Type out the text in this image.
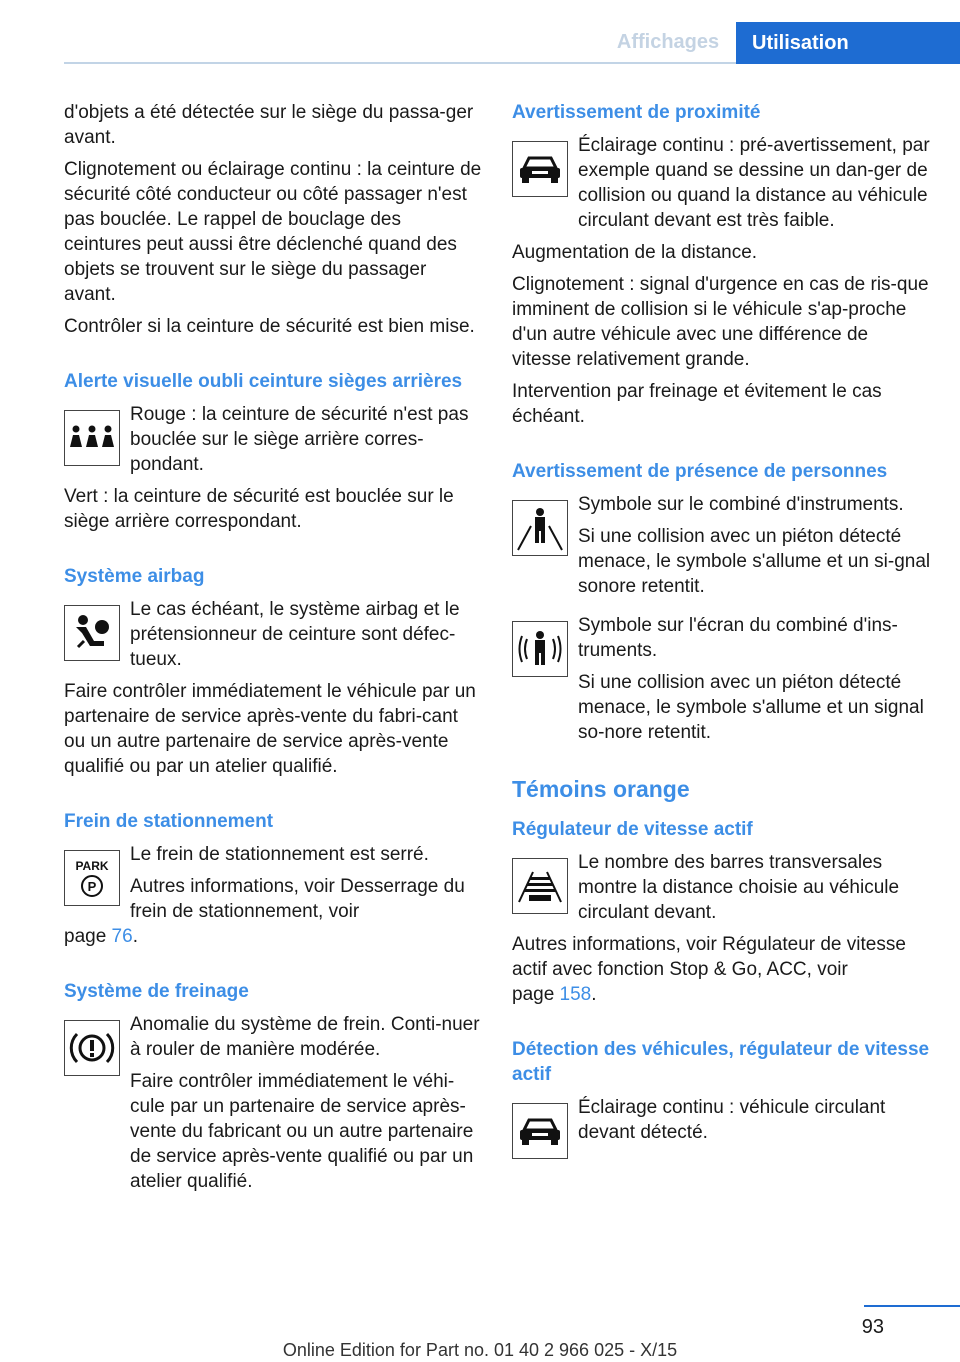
Affichages	Utilisation

d'objets a été détectée sur le siège du passa-ger avant.

Clignotement ou éclairage continu : la ceinture de sécurité côté conducteur ou côté passager n'est pas bouclée. Le rappel de bouclage des ceintures peut aussi être déclenché quand des objets se trouvent sur le siège du passager avant.

Contrôler si la ceinture de sécurité est bien mise.

Alerte visuelle oubli ceinture sièges arrières

Rouge : la ceinture de sécurité n'est pas bouclée sur le siège arrière corres-pondant.

Vert : la ceinture de sécurité est bouclée sur le siège arrière correspondant.

Système airbag

Le cas échéant, le système airbag et le prétensionneur de ceinture sont défec-tueux.

Faire contrôler immédiatement le véhicule par un partenaire de service après-vente du fabri-cant ou un autre partenaire de service après-vente qualifié ou par un atelier qualifié.

Frein de stationnement
PARK
P

Le frein de stationnement est serré.

Autres informations, voir Desserrage du frein de stationnement, voir

page 76.

Système de freinage

Anomalie du système de frein. Conti-nuer à rouler de manière modérée.

Faire contrôler immédiatement le véhi-cule par un partenaire de service après-vente du fabricant ou un autre partenaire de service après-vente qualifié ou par un atelier qualifié.

Avertissement de proximité

Éclairage continu : pré-avertissement, par exemple quand se dessine un dan-ger de collision ou quand la distance au véhicule circulant devant est très faible.

Augmentation de la distance.

Clignotement : signal d'urgence en cas de ris-que imminent de collision si le véhicule s'ap-proche d'un autre véhicule avec une différence de vitesse relativement grande.

Intervention par freinage et évitement le cas échéant.

Avertissement de présence de personnes

Symbole sur le combiné d'instruments.

Si une collision avec un piéton détecté menace, le symbole s'allume et un si-gnal sonore retentit.

Symbole sur l'écran du combiné d'ins-truments.

Si une collision avec un piéton détecté menace, le symbole s'allume et un signal so-nore retentit.

Témoins orange
Régulateur de vitesse actif

Le nombre des barres transversales montre la distance choisie au véhicule circulant devant.

Autres informations, voir Régulateur de vitesse actif avec fonction Stop & Go, ACC, voir

page 158.

Détection des véhicules, régulateur de vitesse actif

Éclairage continu : véhicule circulant devant détecté.

93
Online Edition for Part no. 01 40 2 966 025 - X/15
